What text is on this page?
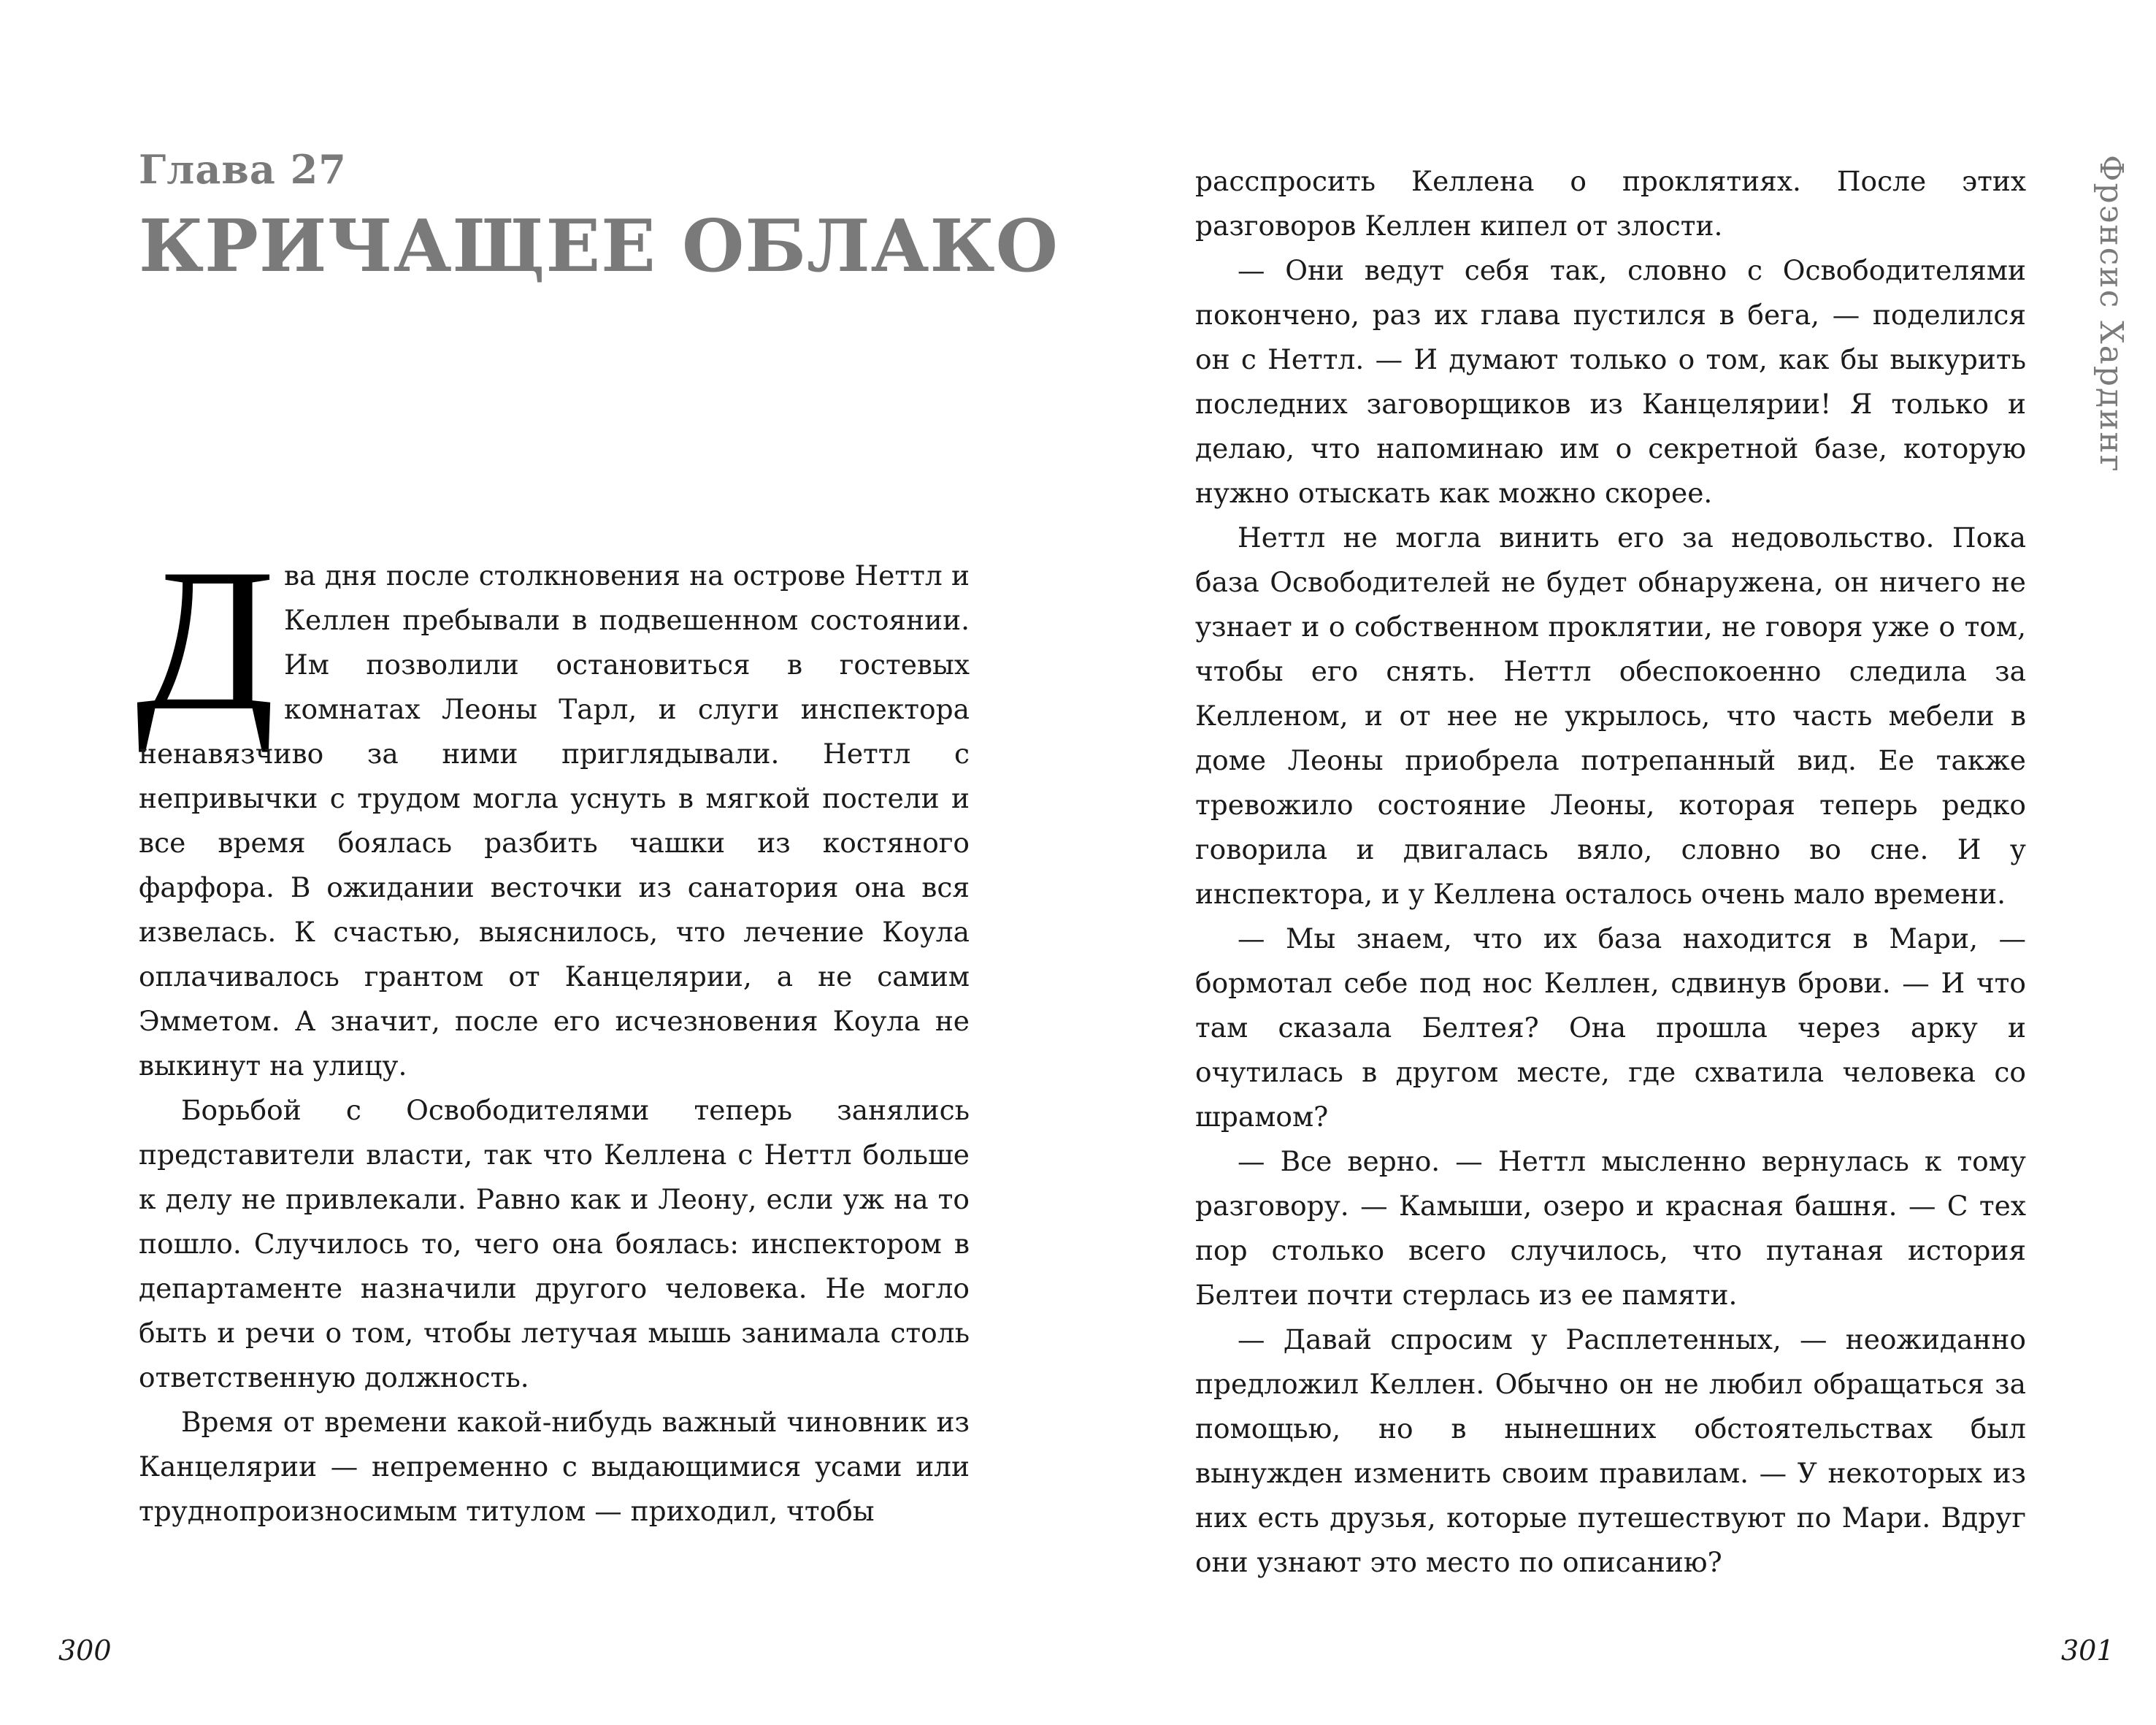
Глава 27
КРИЧАЩЕЕ ОБЛАКО

Два дня после столкновения на острове Неттл и Келлен пребывали в подвешенном состоянии. Им позволили остановиться в гостевых комнатах Леоны Тарл, и слуги инспектора ненавязчиво за ними приглядывали. Неттл с непривычки с трудом могла уснуть в мягкой постели и все время боялась разбить чашки из костяного фарфора. В ожидании весточки из санатория она вся извелась. К счастью, выяснилось, что лечение Коула оплачивалось грантом от Канцелярии, а не самим Эмметом. А значит, после его исчезновения Коула не выкинут на улицу.

Борьбой с Освободителями теперь занялись представители власти, так что Келлена с Неттл больше к делу не привлекали. Равно как и Леону, если уж на то пошло. Случилось то, чего она боялась: инспектором в департаменте назначили другого человека. Не могло быть и речи о том, чтобы летучая мышь занимала столь ответственную должность.

Время от времени какой-нибудь важный чиновник из Канцелярии — непременно с выдающимися усами или труднопроизносимым титулом — приходил, чтобы

300

расспросить Келлена о проклятиях. После этих разговоров Келлен кипел от злости.

— Они ведут себя так, словно с Освободителями покончено, раз их глава пустился в бега, — поделился он с Неттл. — И думают только о том, как бы выкурить последних заговорщиков из Канцелярии! Я только и делаю, что напоминаю им о секретной базе, которую нужно отыскать как можно скорее.

Неттл не могла винить его за недовольство. Пока база Освободителей не будет обнаружена, он ничего не узнает и о собственном проклятии, не говоря уже о том, чтобы его снять. Неттл обеспокоенно следила за Келленом, и от нее не укрылось, что часть мебели в доме Леоны приобрела потрепанный вид. Ее также тревожило состояние Леоны, которая теперь редко говорила и двигалась вяло, словно во сне. И у инспектора, и у Келлена осталось очень мало времени.

— Мы знаем, что их база находится в Мари, — бормотал себе под нос Келлен, сдвинув брови. — И что там сказала Белтея? Она прошла через арку и очутилась в другом месте, где схватила человека со шрамом?

— Все верно. — Неттл мысленно вернулась к тому разговору. — Камыши, озеро и красная башня. — С тех пор столько всего случилось, что путаная история Белтеи почти стерлась из ее памяти.

— Давай спросим у Расплетенных, — неожиданно предложил Келлен. Обычно он не любил обращаться за помощью, но в нынешних обстоятельствах был вынужден изменить своим правилам. — У некоторых из них есть друзья, которые путешествуют по Мари. Вдруг они узнают это место по описанию?

Фрэнсис Хардинг
301
